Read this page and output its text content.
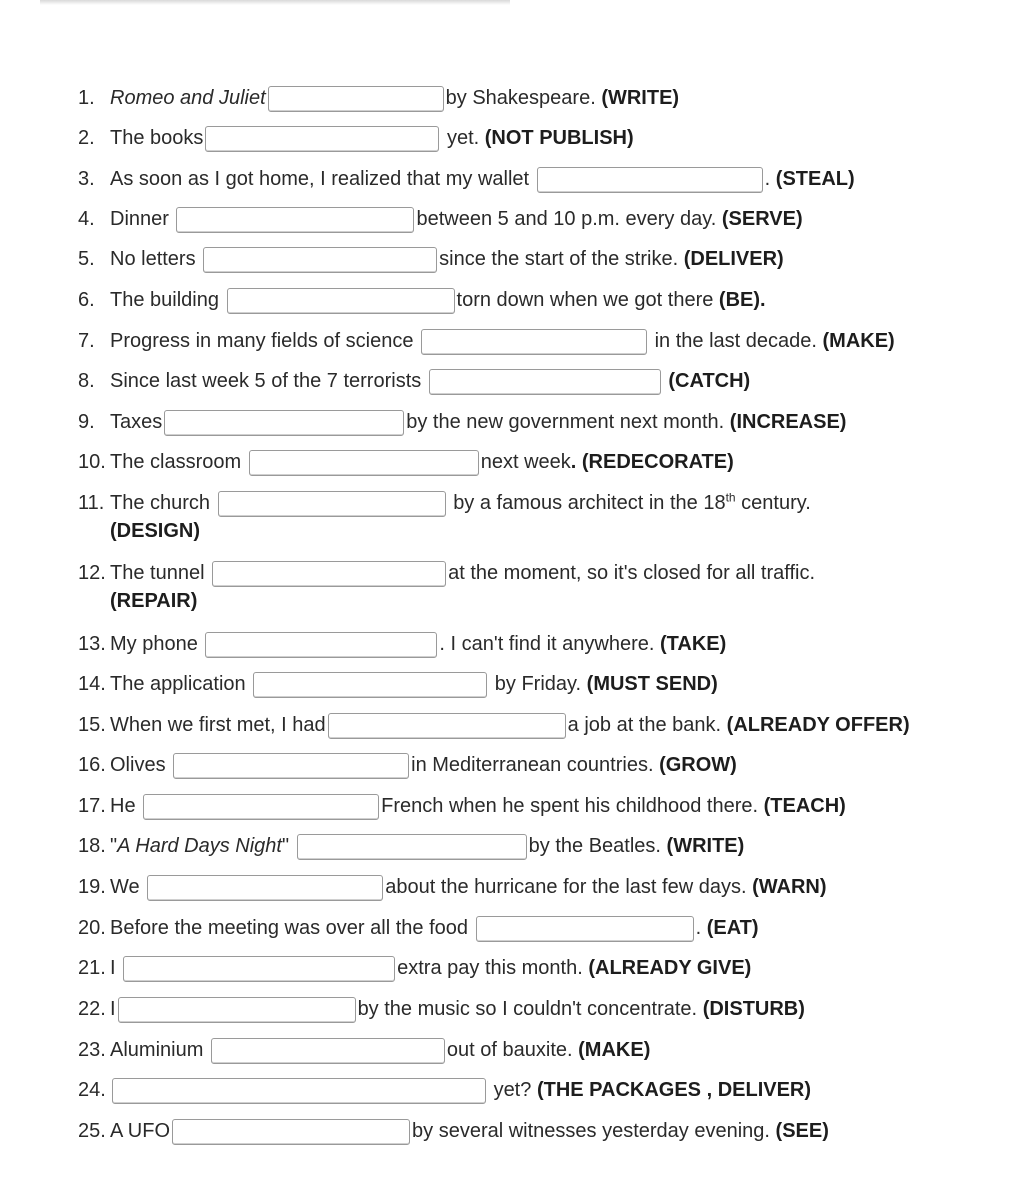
1. Romeo and Juliet	by Shakespeare. (WRITE)
2. The books	yet. (NOT PUBLISH)
3. As soon as I got home, I realized that my wallet	. (STEAL)
4. Dinner	between 5 and 10 p.m. every day. (SERVE)
5. No letters	since the start of the strike. (DELIVER)
6. The building	torn down when we got there (BE).
7. Progress in many fields of science	in the last decade. (MAKE)
8. Since last week 5 of the 7 terrorists	(CATCH)
9. Taxes	by the new government next month. (INCREASE)
10. The classroom	next week. (REDECORATE)
11. The church	by a famous architect in the 18th century.
(DESIGN)
12. The tunnel	at the moment, so it's closed for all traffic.
(REPAIR)
13. My phone	. I can't find it anywhere. (TAKE)
14. The application	by Friday. (MUST SEND)
15. When we first met, I had	a job at the bank. (ALREADY OFFER)
16. Olives	in Mediterranean countries. (GROW)
17. He	French when he spent his childhood there. (TEACH)
18. "A Hard Days Night"	by the Beatles. (WRITE)
19. We	about the hurricane for the last few days. (WARN)
20. Before the meeting was over all the food	. (EAT)
21. I	extra pay this month. (ALREADY GIVE)
22. I	by the music so I couldn't concentrate. (DISTURB)
23. Aluminium	out of bauxite. (MAKE)
24.	yet? (THE PACKAGES , DELIVER)
25. A UFO	by several witnesses yesterday evening. (SEE)
